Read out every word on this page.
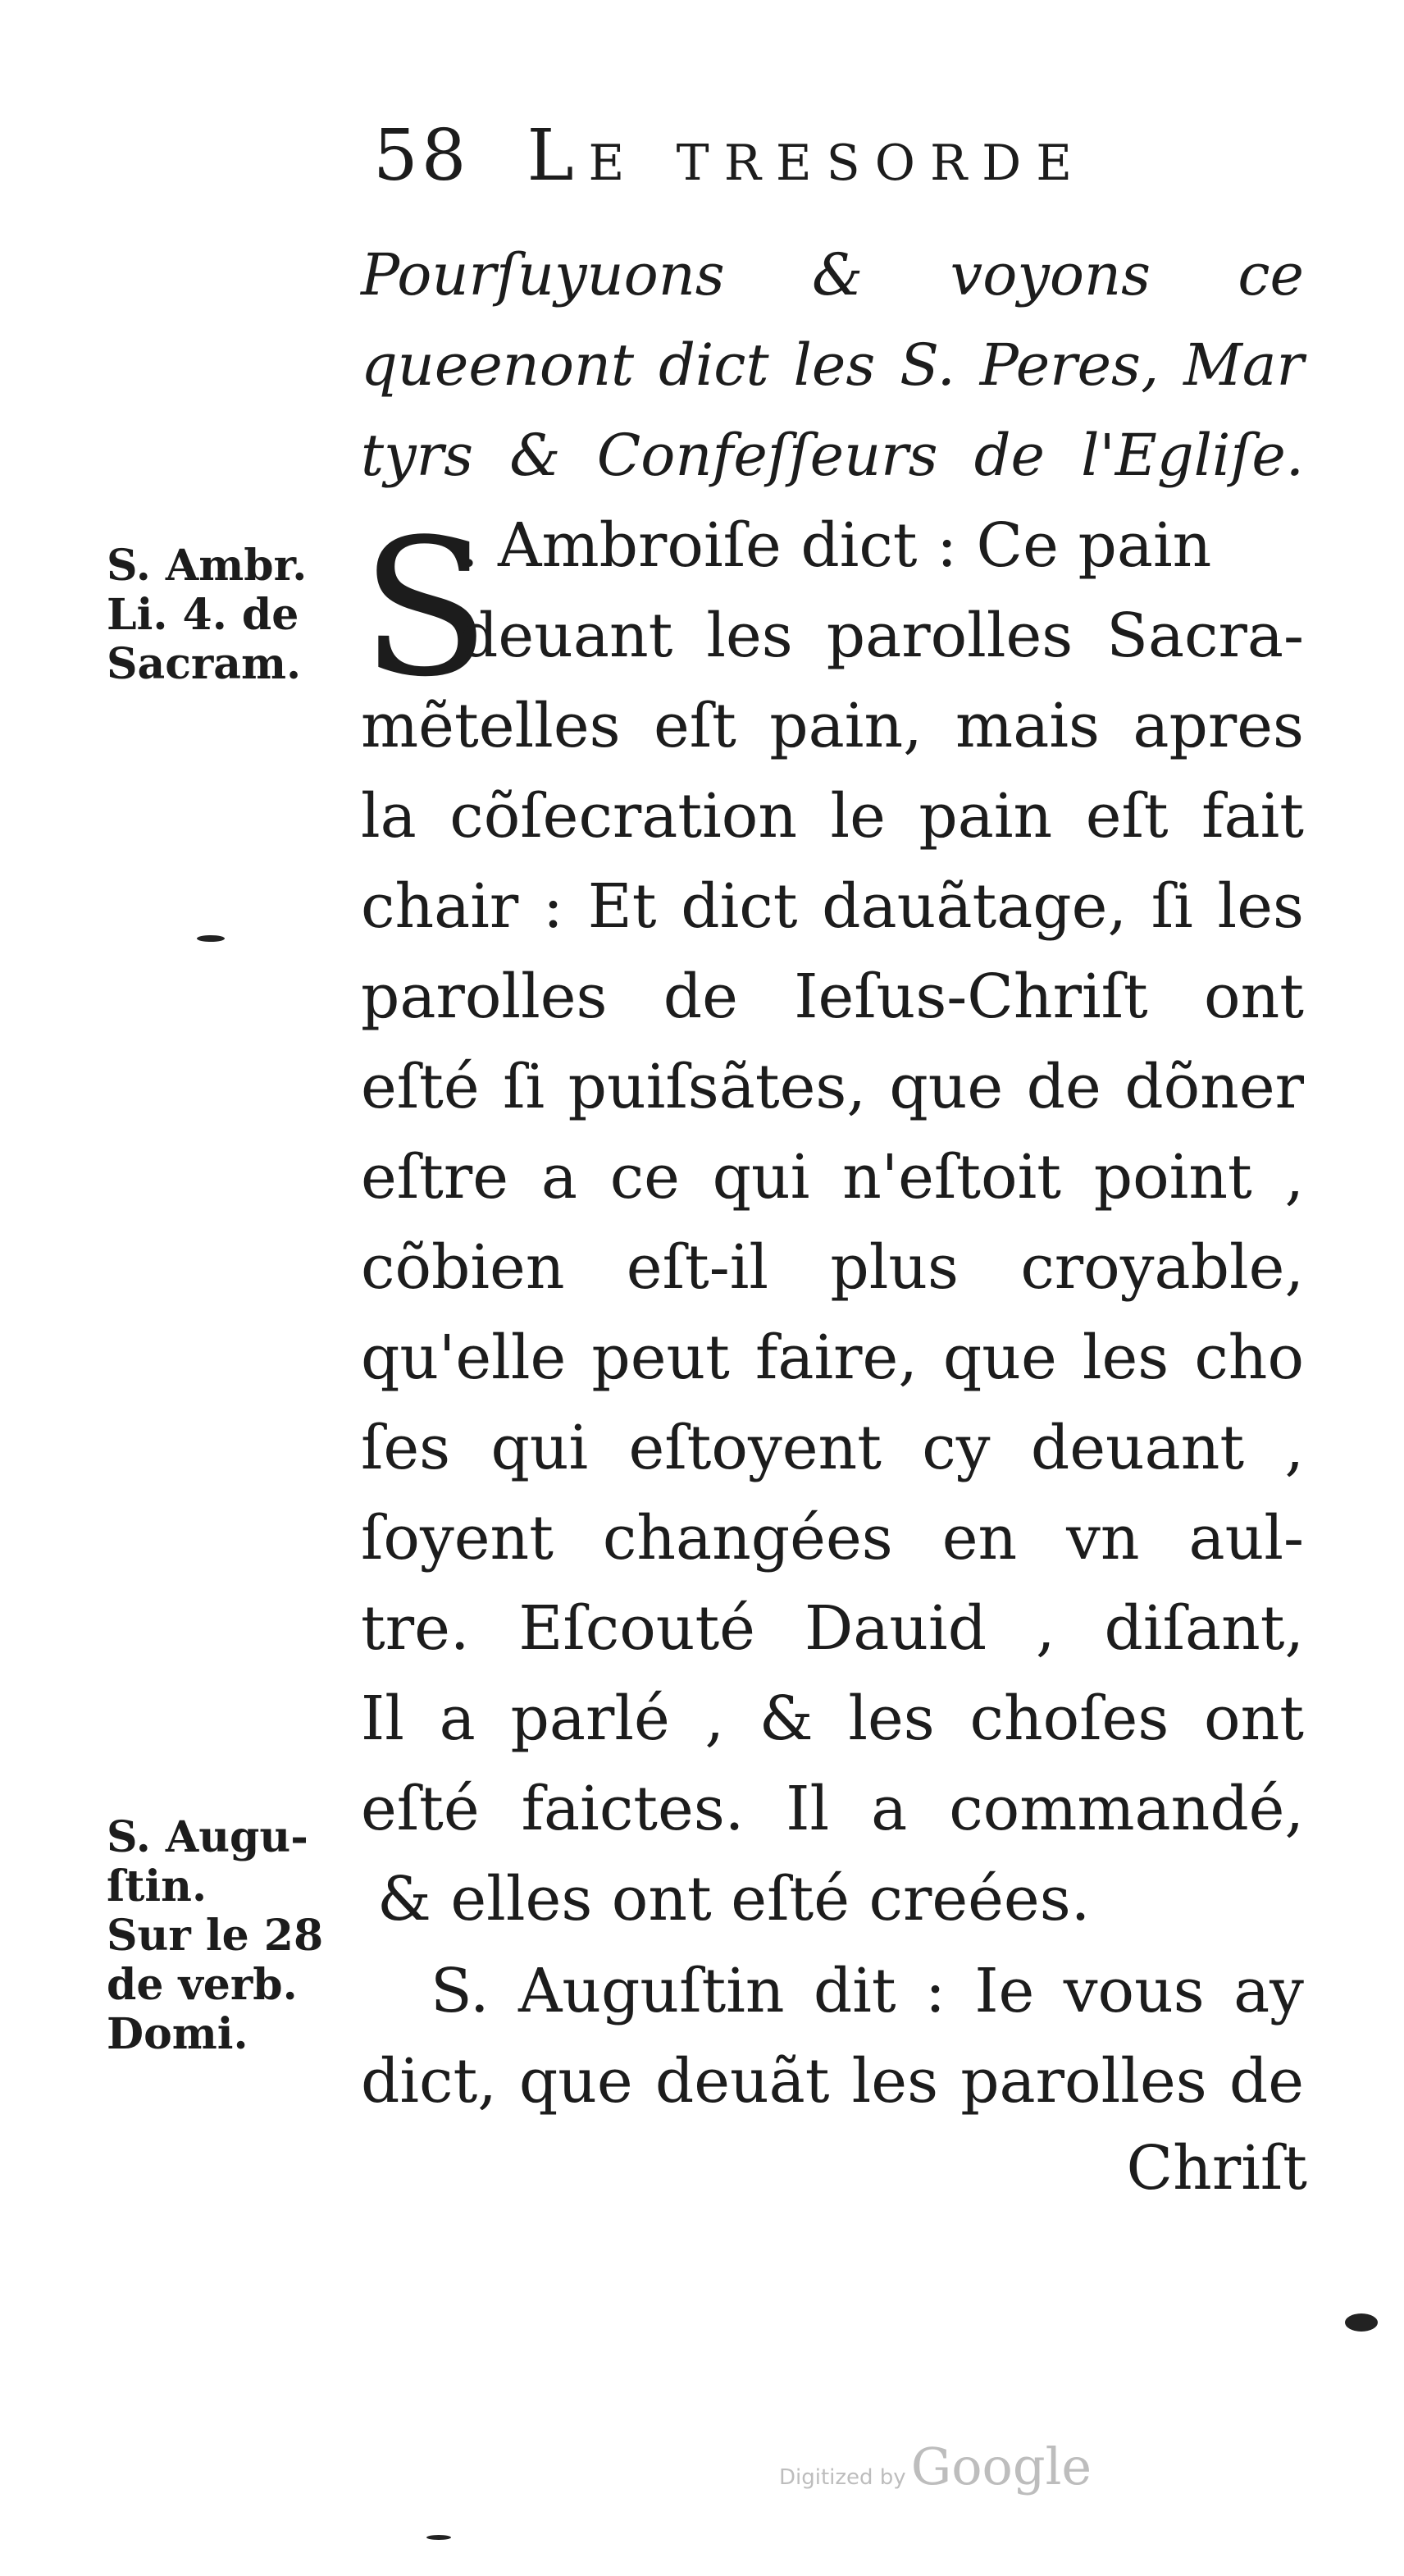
58 Le tresorde
Pourſuyuons & voyons ce
queenont dict les S. Peres, Mar
tyrs & Confeſſeurs de l'Egliſe.
S
. Ambroiſe dict : Ce pain
deuant les parolles Sacra-
mẽtelles eſt pain, mais apres
la cõſecration le pain eſt fait
chair : Et dict dauãtage, ſi les
parolles de Ieſus-Chriſt ont
eſté ſi puiſsãtes, que de dõner
eſtre a ce qui n'eſtoit point ,
cõbien eſt-il plus croyable,
qu'elle peut faire, que les cho
ſes qui eſtoyent cy deuant ,
ſoyent changées en vn aul-
tre. Eſcouté Dauid , diſant,
Il a parlé , & les choſes ont
eſté faictes. Il a commandé,
& elles ont eſté creées.
S. Auguſtin dit : Ie vous ay
dict, que deuãt les parolles de
Chriſt
S. Ambr.
Li. 4. de
Sacram.
S. Augu-
ſtin.
Sur le 28
de verb.
Domi.
Digitized by Google
